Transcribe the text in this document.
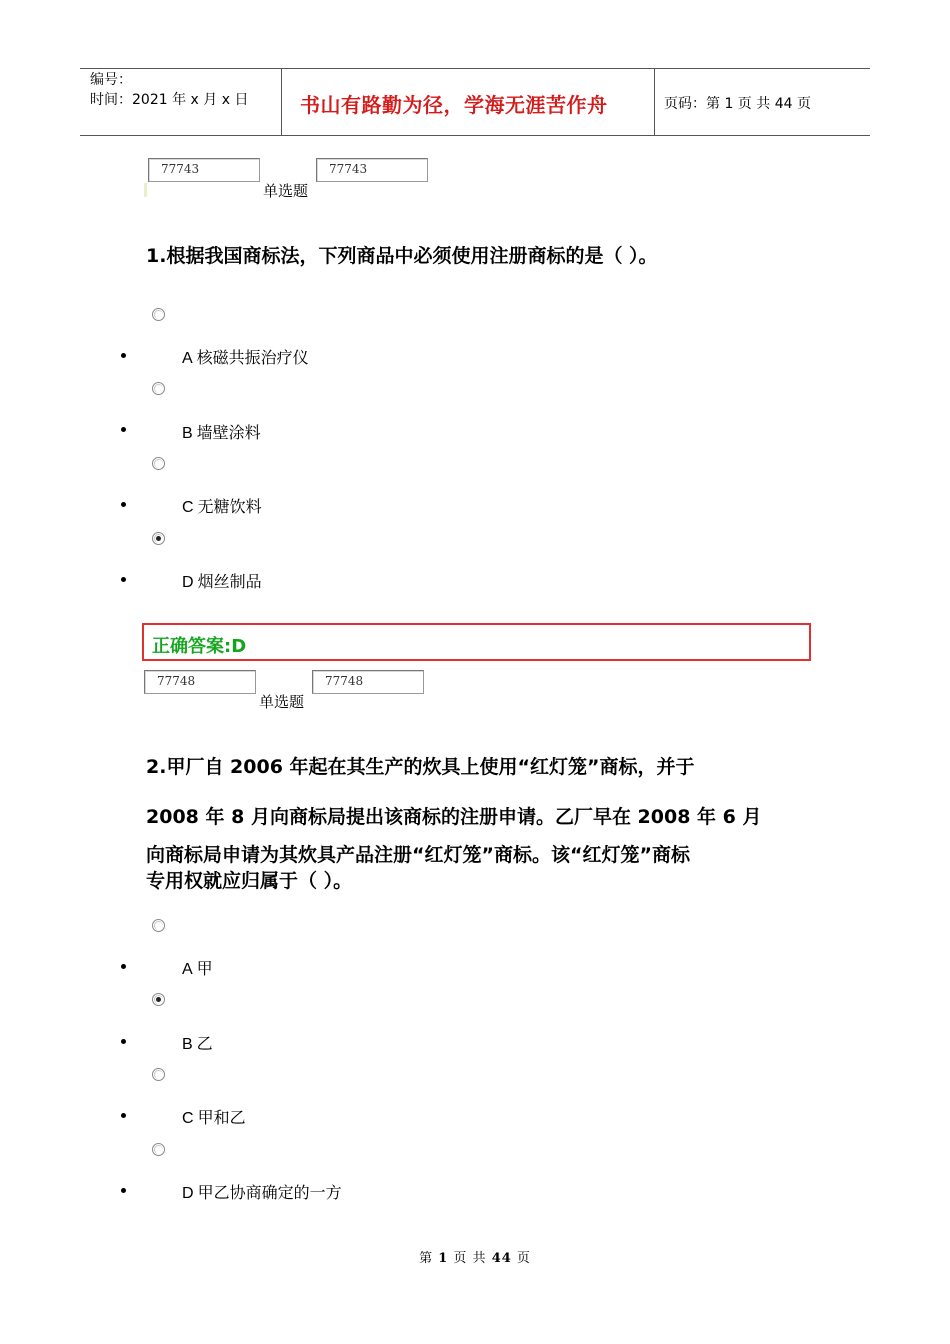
编号：
时间：2021 年 x 月 x 日	书山有路勤为径，学海无涯苦作舟	页码：第 1 页 共 44 页
77743
单选题
77743
1.根据我国商标法，下列商品中必须使用注册商标的是（ ）。
A 核磁共振治疗仪
B 墙壁涂料
C 无糖饮料
D 烟丝制品
正确答案:D
77748
单选题
77748
2.甲厂自 2006 年起在其生产的炊具上使用“红灯笼”商标，并于
2008 年 8 月向商标局提出该商标的注册申请。乙厂早在 2008 年 6 月
向商标局申请为其炊具产品注册“红灯笼”商标。该“红灯笼”商标
专用权就应归属于（ ）。
A 甲
B 乙
C 甲和乙
D 甲乙协商确定的一方
第 1 页 共 44 页
